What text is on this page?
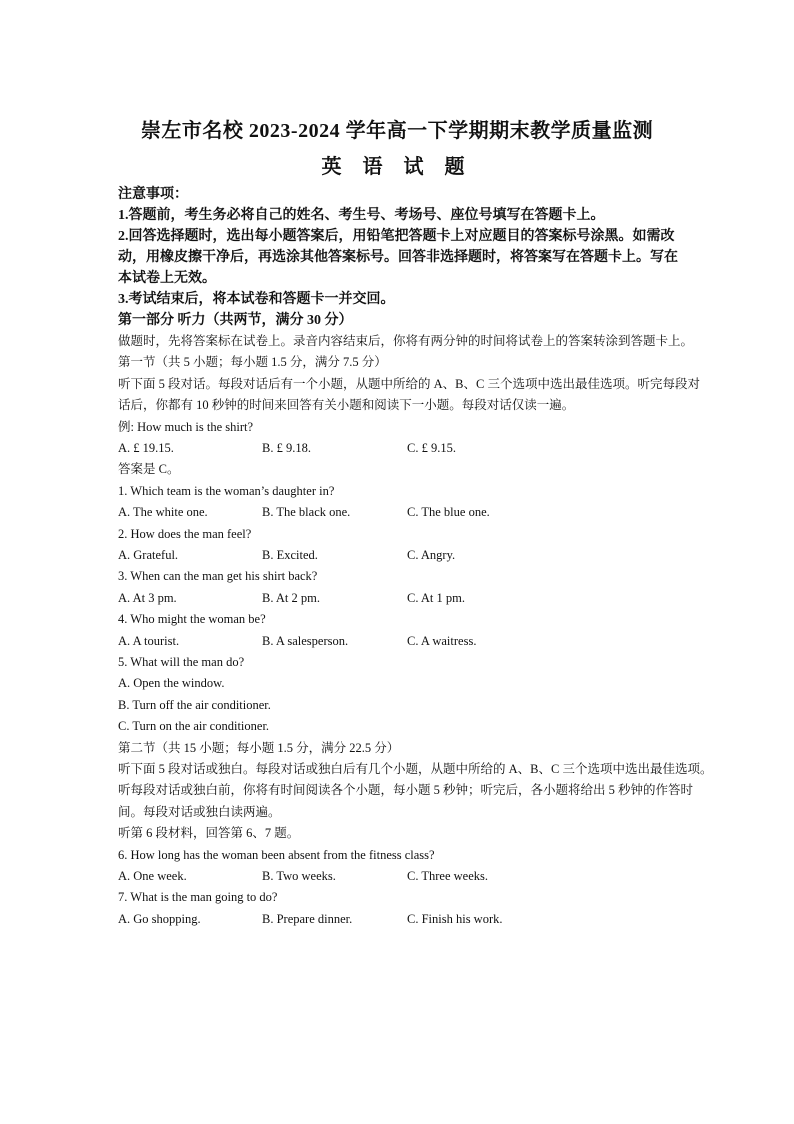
崇左市名校 2023-2024 学年高一下学期期末教学质量监测
英 语 试 题
注意事项：
1.答题前，考生务必将自己的姓名、考生号、考场号、座位号填写在答题卡上。
2.回答选择题时，选出每小题答案后，用铅笔把答题卡上对应题目的答案标号涂黑。如需改动，用橡皮擦干净后，再选涂其他答案标号。回答非选择题时，将答案写在答题卡上。写在本试卷上无效。
3.考试结束后，将本试卷和答题卡一并交回。
第一部分 听力（共两节，满分 30 分）
做题时，先将答案标在试卷上。录音内容结束后，你将有两分钟的时间将试卷上的答案转涂到答题卡上。
第一节（共 5 小题；每小题 1.5 分，满分 7.5 分）
听下面 5 段对话。每段对话后有一个小题，从题中所给的 A、B、C 三个选项中选出最佳选项。听完每段对
话后，你都有 10 秒钟的时间来回答有关小题和阅读下一小题。每段对话仅读一遍。
例: How much is the shirt?
A. £ 19.15.	B. £ 9.18.	C. £ 9.15.
答案是 C。
1. Which team is the woman’s daughter in?
A. The white one.	B. The black one.	C. The blue one.
2. How does the man feel?
A. Grateful.	B. Excited.	C. Angry.
3. When can the man get his shirt back?
A. At 3 pm.	B. At 2 pm.	C. At 1 pm.
4. Who might the woman be?
A. A tourist.	B. A salesperson.	C. A waitress.
5. What will the man do?
A. Open the window.
B. Turn off the air conditioner.
C. Turn on the air conditioner.
第二节（共 15 小题；每小题 1.5 分，满分 22.5 分）
听下面 5 段对话或独白。每段对话或独白后有几个小题，从题中所给的 A、B、C 三个选项中选出最佳选项。
听每段对话或独白前，你将有时间阅读各个小题，每小题 5 秒钟；听完后，各小题将给出 5 秒钟的作答时
间。每段对话或独白读两遍。
听第 6 段材料，回答第 6、7 题。
6. How long has the woman been absent from the fitness class?
A. One week.	B. Two weeks.	C. Three weeks.
7. What is the man going to do?
A. Go shopping.	B. Prepare dinner.	C. Finish his work.
